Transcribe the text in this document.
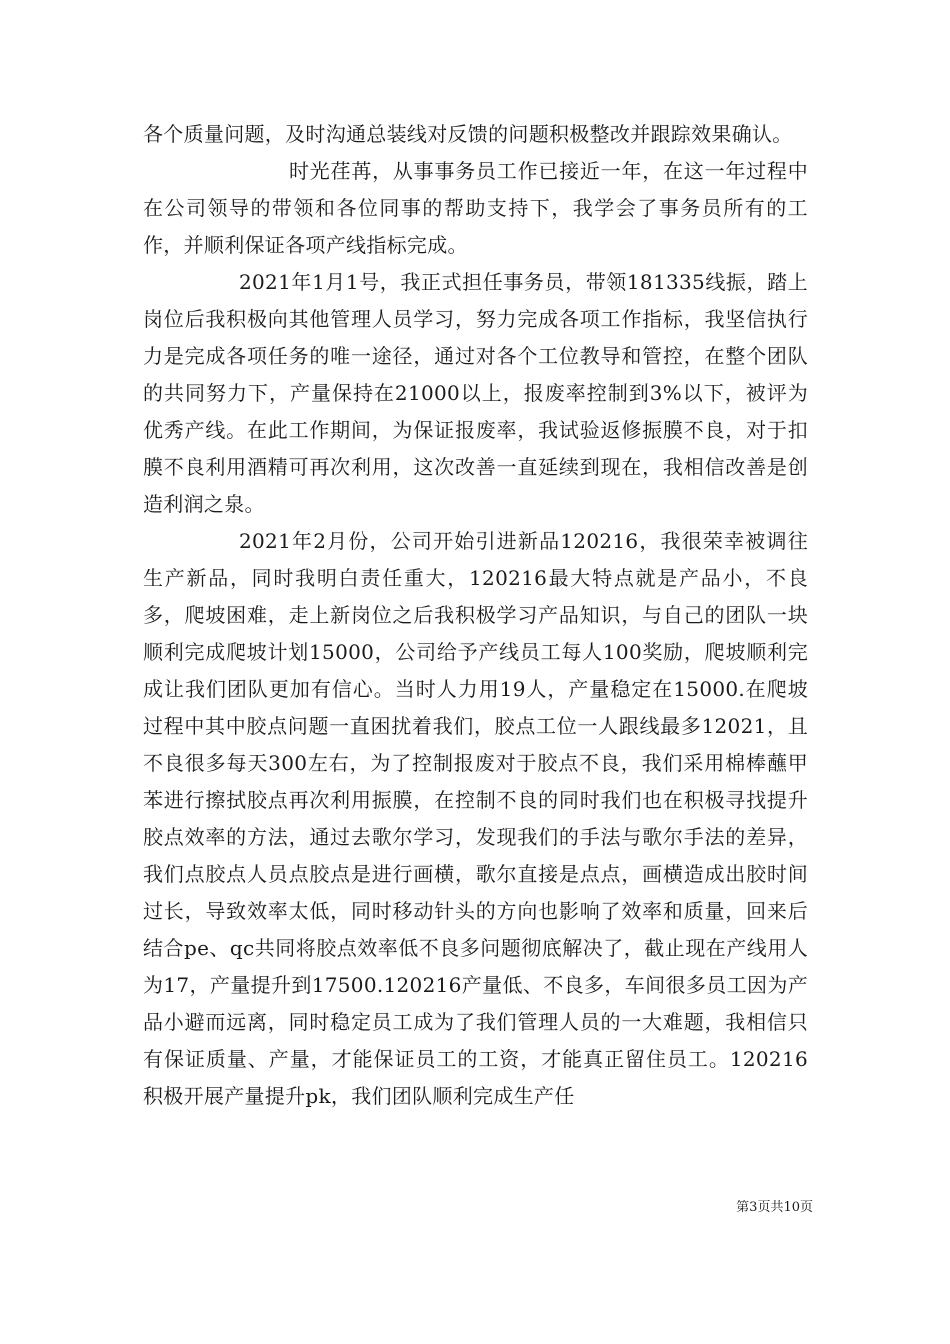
各个质量问题，及时沟通总装线对反馈的问题积极整改并跟踪效果确认。

时光荏苒，从事事务员工作已接近一年，在这一年过程中在公司领导的带领和各位同事的帮助支持下，我学会了事务员所有的工作，并顺利保证各项产线指标完成。

2021年1月1号，我正式担任事务员，带领181335线振，踏上岗位后我积极向其他管理人员学习，努力完成各项工作指标，我坚信执行力是完成各项任务的唯一途径，通过对各个工位教导和管控，在整个团队的共同努力下，产量保持在21000以上，报废率控制到3%以下，被评为优秀产线。在此工作期间，为保证报废率，我试验返修振膜不良，对于扣膜不良利用酒精可再次利用，这次改善一直延续到现在，我相信改善是创造利润之泉。

2021年2月份，公司开始引进新品120216，我很荣幸被调往生产新品，同时我明白责任重大，120216最大特点就是产品小，不良多，爬坡困难，走上新岗位之后我积极学习产品知识，与自己的团队一块顺利完成爬坡计划15000，公司给予产线员工每人100奖励，爬坡顺利完成让我们团队更加有信心。当时人力用19人，产量稳定在15000.在爬坡过程中其中胶点问题一直困扰着我们，胶点工位一人跟线最多12021，且不良很多每天300左右，为了控制报废对于胶点不良，我们采用棉棒蘸甲苯进行擦拭胶点再次利用振膜，在控制不良的同时我们也在积极寻找提升胶点效率的方法，通过去歌尔学习，发现我们的手法与歌尔手法的差异，我们点胶点人员点胶点是进行画横，歌尔直接是点点，画横造成出胶时间过长，导致效率太低，同时移动针头的方向也影响了效率和质量，回来后结合pe、qc共同将胶点效率低不良多问题彻底解决了，截止现在产线用人为17，产量提升到17500.120216产量低、不良多，车间很多员工因为产品小避而远离，同时稳定员工成为了我们管理人员的一大难题，我相信只有保证质量、产量，才能保证员工的工资，才能真正留住员工。120216积极开展产量提升pk，我们团队顺利完成生产任

第3页共10页
